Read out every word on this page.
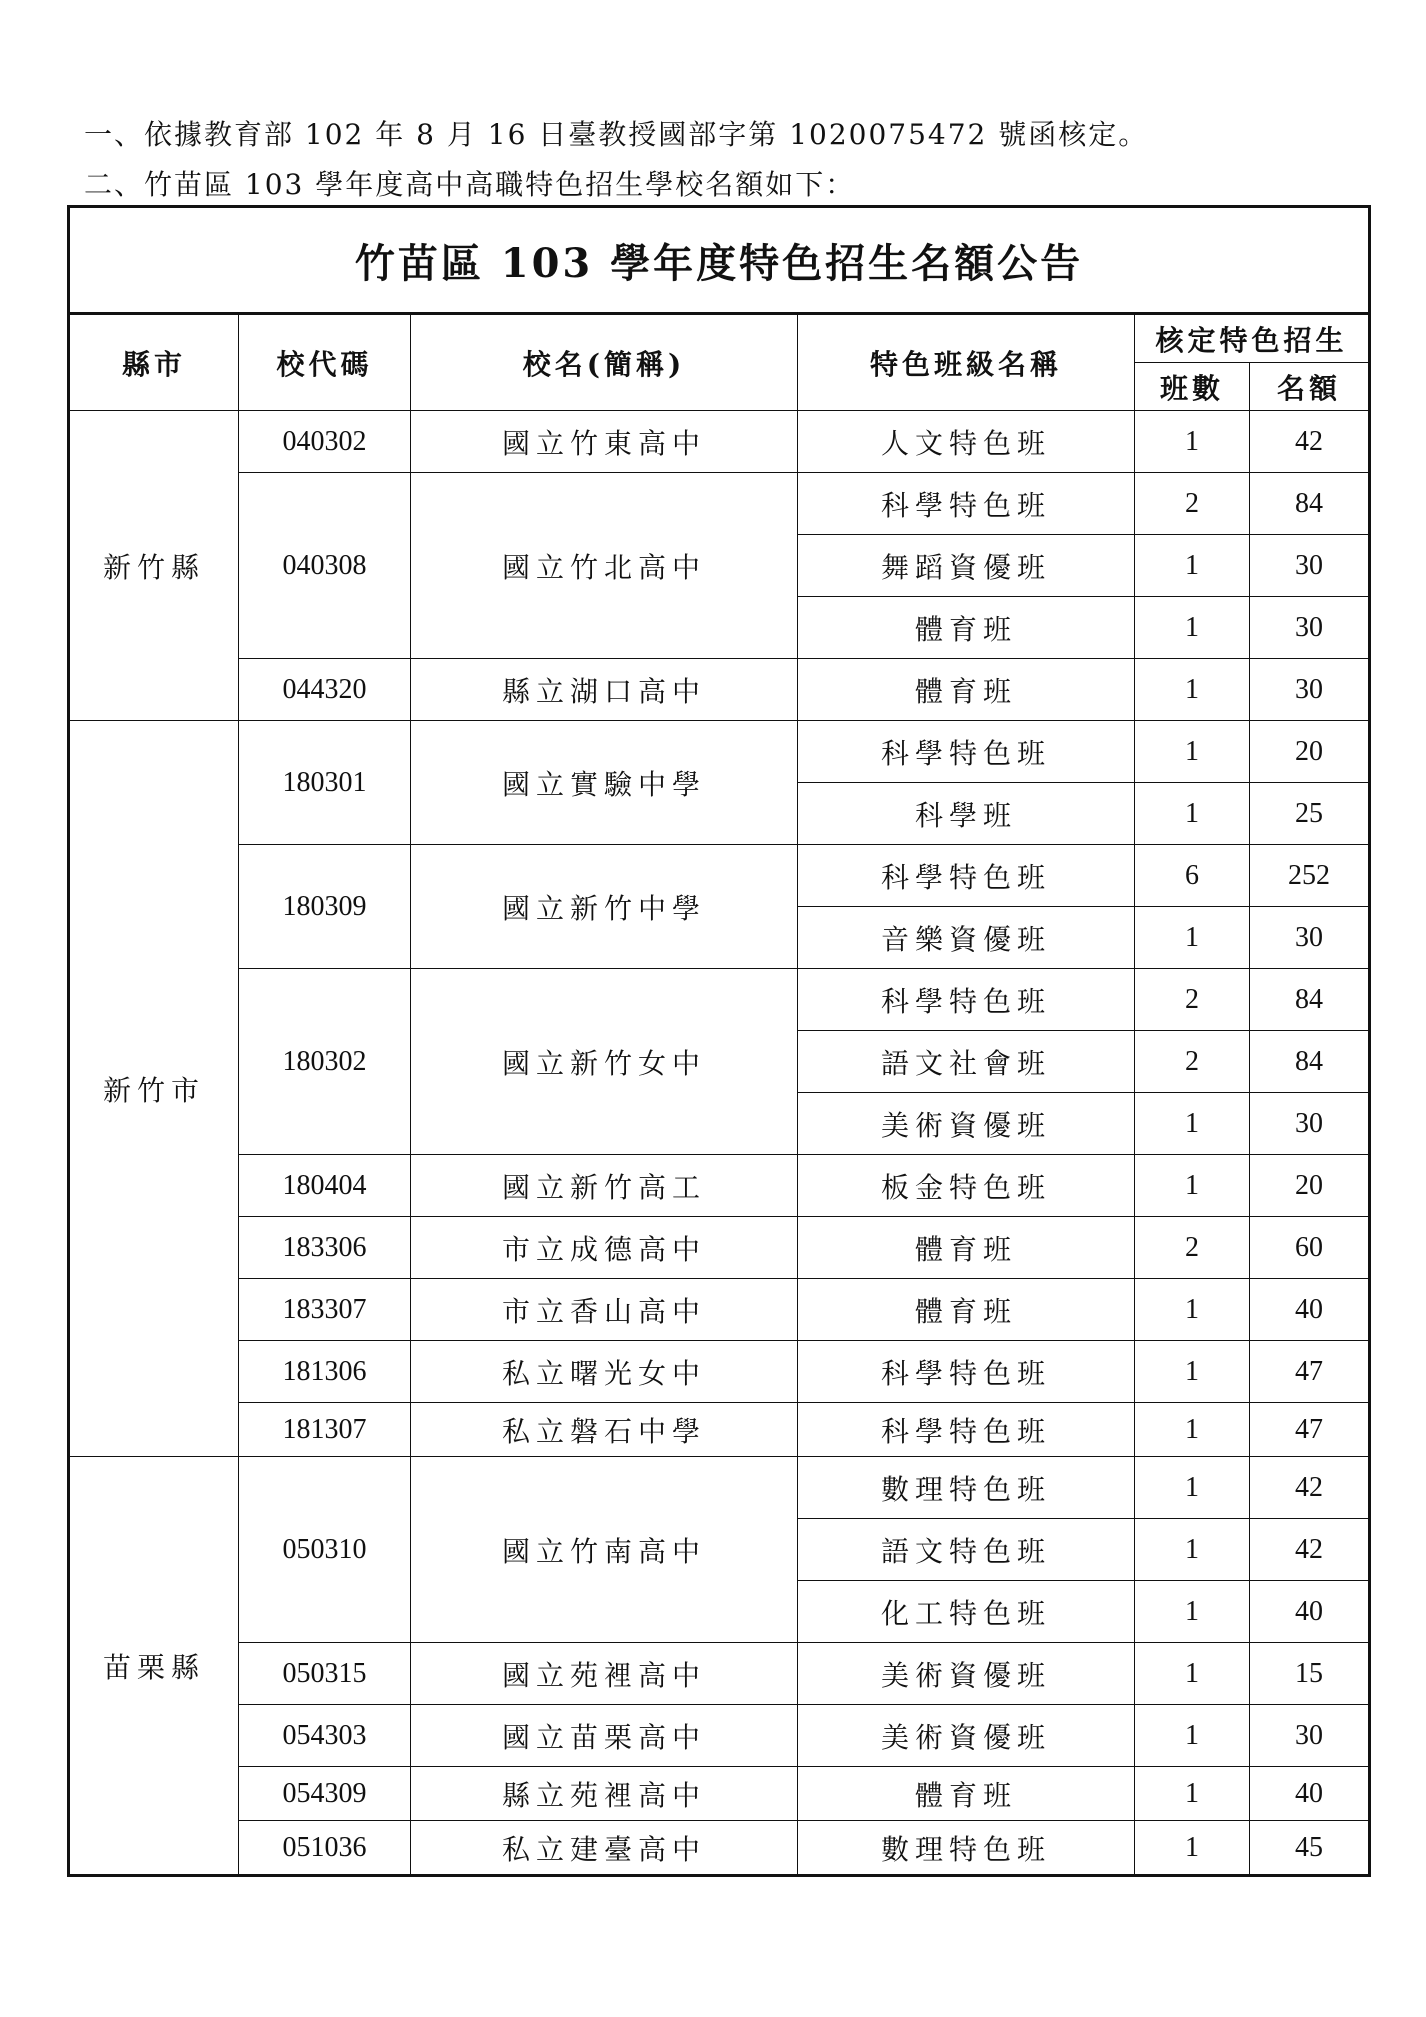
一、依據教育部 102 年 8 月 16 日臺教授國部字第 1020075472 號函核定。
二、竹苗區 103 學年度高中高職特色招生學校名額如下：
竹苗區 103 學年度特色招生名額公告					
縣市	校代碼	校名(簡稱)	特色班級名稱	核定特色招生	
				班數	名額
新竹縣	040302	國立竹東高中	人文特色班	1	42
	040308	國立竹北高中	科學特色班	2	84
			舞蹈資優班	1	30
			體育班	1	30
	044320	縣立湖口高中	體育班	1	30
新竹市	180301	國立實驗中學	科學特色班	1	20
			科學班	1	25
	180309	國立新竹中學	科學特色班	6	252
			音樂資優班	1	30
	180302	國立新竹女中	科學特色班	2	84
			語文社會班	2	84
			美術資優班	1	30
	180404	國立新竹高工	板金特色班	1	20
	183306	市立成德高中	體育班	2	60
	183307	市立香山高中	體育班	1	40
	181306	私立曙光女中	科學特色班	1	47
	181307	私立磐石中學	科學特色班	1	47
苗栗縣	050310	國立竹南高中	數理特色班	1	42
			語文特色班	1	42
			化工特色班	1	40
	050315	國立苑裡高中	美術資優班	1	15
	054303	國立苗栗高中	美術資優班	1	30
	054309	縣立苑裡高中	體育班	1	40
	051036	私立建臺高中	數理特色班	1	45
